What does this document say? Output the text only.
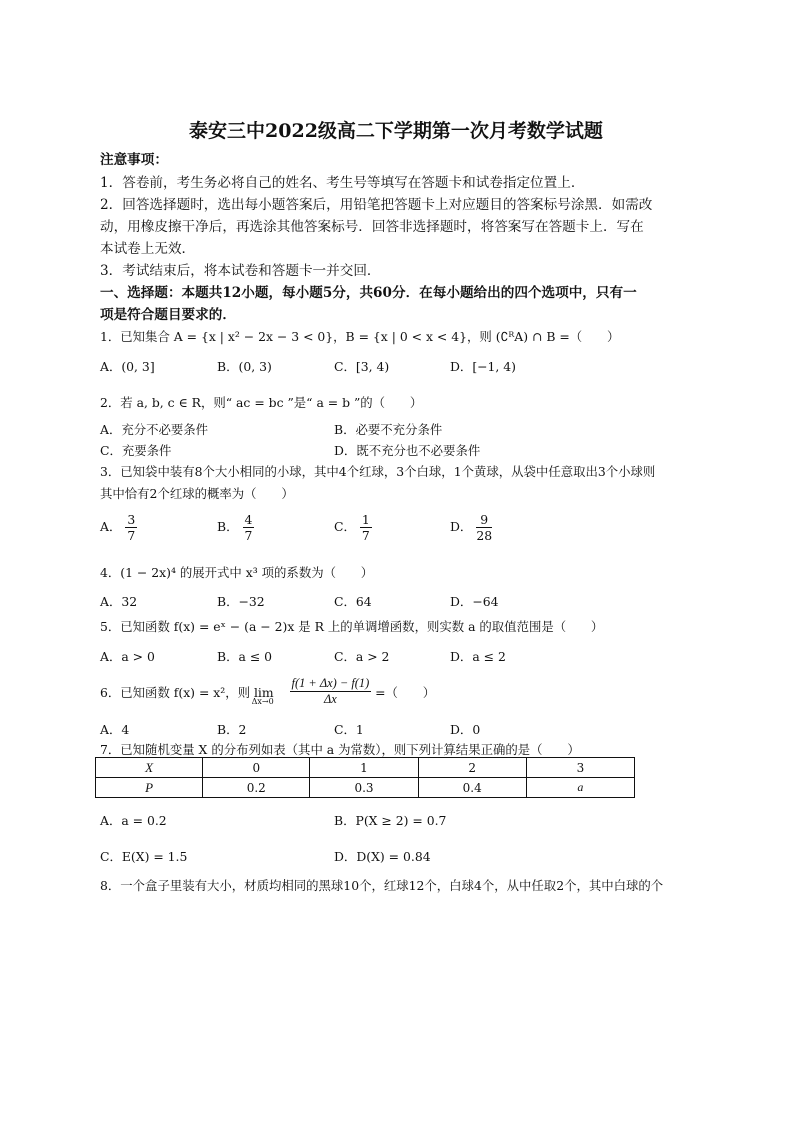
泰安三中2022级高二下学期第一次月考数学试题
注意事项：
1．答卷前，考生务必将自己的姓名、考生号等填写在答题卡和试卷指定位置上．
2．回答选择题时，选出每小题答案后，用铅笔把答题卡上对应题目的答案标号涂黑．如需改
动，用橡皮擦干净后，再选涂其他答案标号．回答非选择题时，将答案写在答题卡上．写在
本试卷上无效．
3．考试结束后，将本试卷和答题卡一并交回．
一、选择题：本题共12小题，每小题5分，共60分．在每小题给出的四个选项中，只有一
项是符合题目要求的．
1．已知集合 A = {x | x² − 2x − 3 < 0}，B = {x | 0 < x < 4}，则 (∁ᴿA) ∩ B =（　　）
A．(0, 3]	B．(0, 3)	C．[3, 4)	D．[−1, 4)
2．若 a, b, c ∈ R，则“ ac = bc ”是“ a = b ”的（　　）
A．充分不必要条件	B．必要不充分条件
C．充要条件	D．既不充分也不必要条件
3．已知袋中装有8个大小相同的小球，其中4个红球，3个白球，1个黄球，从袋中任意取出3个小球则
其中恰有2个红球的概率为（　　）
A． $\frac{3}{7}$	B． $\frac{4}{7}$	C． $\frac{1}{7}$	D． $\frac{9}{28}$
4．(1 − 2x)⁴ 的展开式中 x³ 项的系数为（　　）
A．32	B．−32	C．64	D．−64
5．已知函数 f(x) = eˣ − (a − 2)x 是 R 上的单调增函数，则实数 a 的取值范围是（　　）
A．a > 0	B．a ≤ 0	C．a > 2	D．a ≤ 2
6．已知函数 f(x) = x²，则 $\lim \Delta x\to 0 \frac{f(1 + \Delta x) - f(1)}{\Delta x}$ =（　　）
A．4	B．2	C．1	D．0
7．已知随机变量 X 的分布列如表（其中 a 为常数），则下列计算结果正确的是（　　）
X	0	1	2	3
P	0.2	0.3	0.4	a
A．a = 0.2	B．P(X ≥ 2) = 0.7
C．E(X) = 1.5	D．D(X) = 0.84
8．一个盒子里装有大小，材质均相同的黑球10个，红球12个，白球4个，从中任取2个，其中白球的个
